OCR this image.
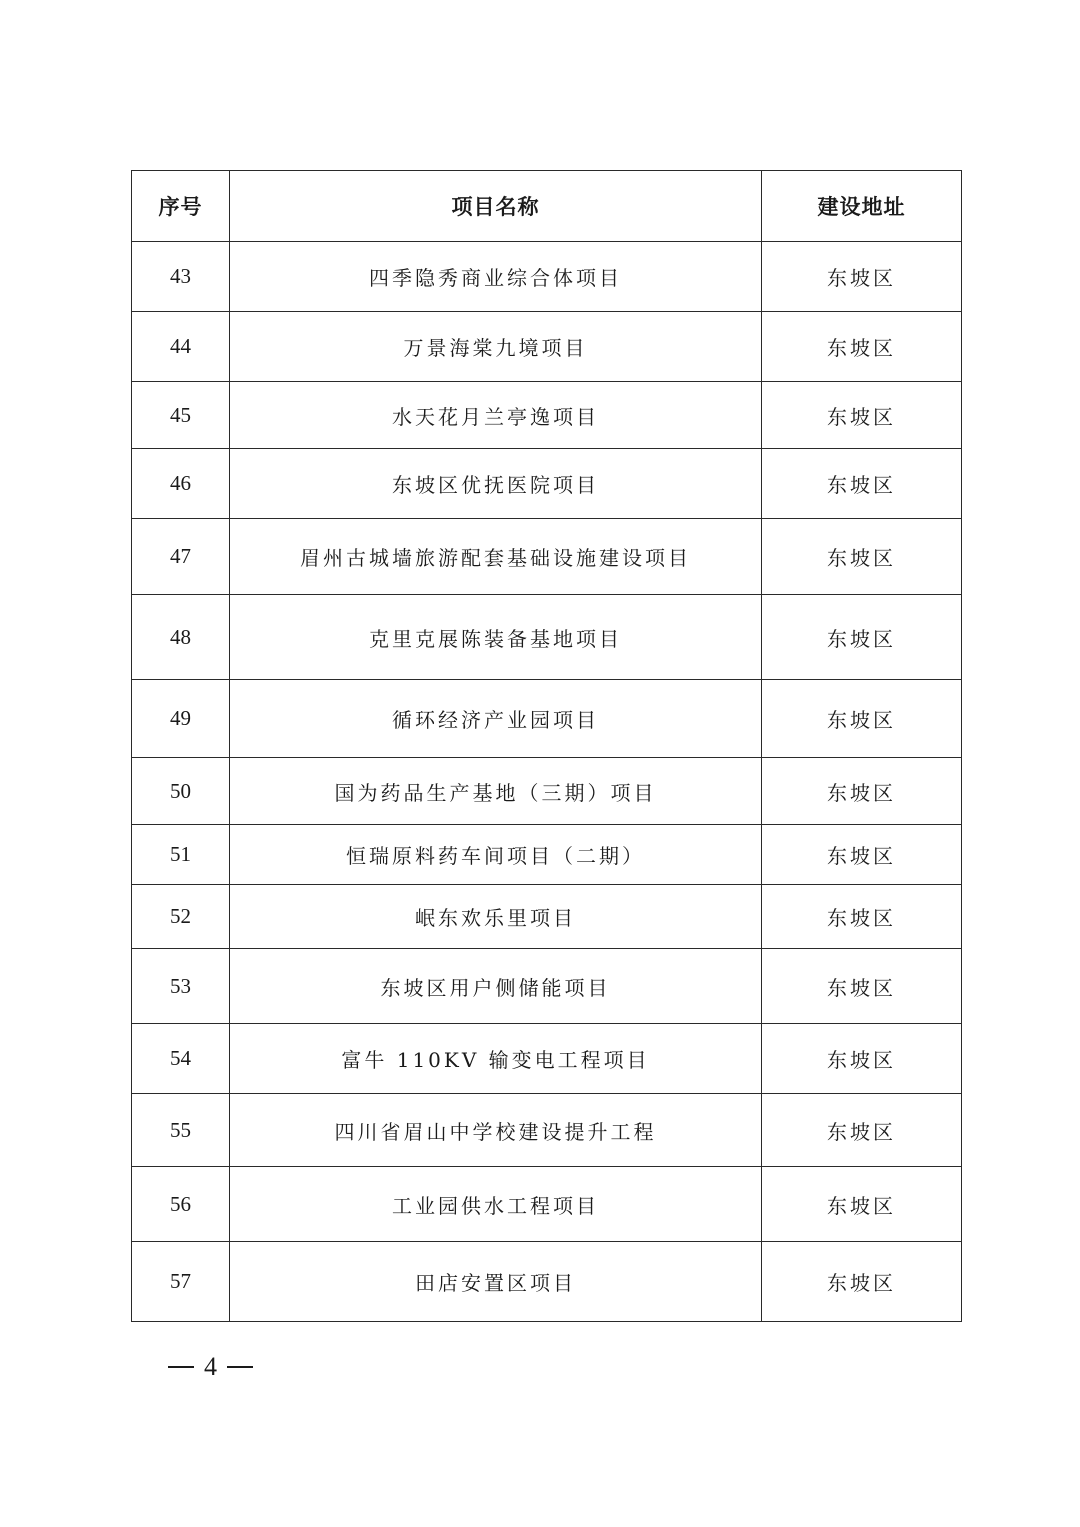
序号	项目名称	建设地址
43	四季隐秀商业综合体项目	东坡区
44	万景海棠九境项目	东坡区
45	水天花月兰亭逸项目	东坡区
46	东坡区优抚医院项目	东坡区
47	眉州古城墙旅游配套基础设施建设项目	东坡区
48	克里克展陈装备基地项目	东坡区
49	循环经济产业园项目	东坡区
50	国为药品生产基地（三期）项目	东坡区
51	恒瑞原料药车间项目（二期）	东坡区
52	岷东欢乐里项目	东坡区
53	东坡区用户侧储能项目	东坡区
54	富牛 110KV 输变电工程项目	东坡区
55	四川省眉山中学校建设提升工程	东坡区
56	工业园供水工程项目	东坡区
57	田店安置区项目	东坡区
4
